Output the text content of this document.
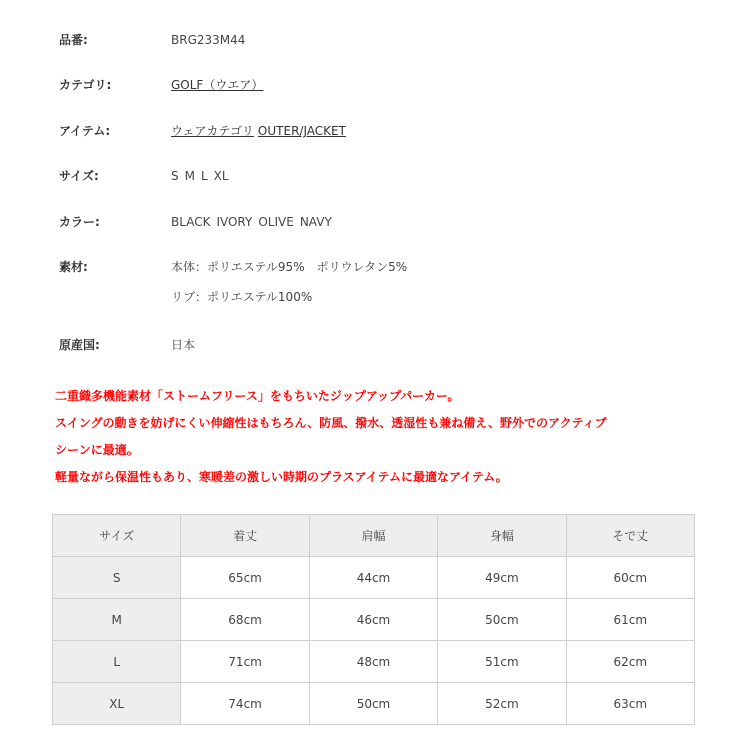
品番:	BRG233M44
カテゴリ:	GOLF（ウエア）
アイテム:	ウェアカテゴリ OUTER/JACKET
サイズ:	S M L XL
カラー:	BLACK IVORY OLIVE NAVY
素材:	本体：ポリエステル95%　ポリウレタン5%
リブ：ポリエステル100%
原産国:	日本

二重織多機能素材「ストームフリース」をもちいたジップアップパーカー。

スイングの動きを妨げにくい伸縮性はもちろん、防風、撥水、透湿性も兼ね備え、野外でのアクティブ

シーンに最適。

軽量ながら保温性もあり、寒暖差の激しい時期のプラスアイテムに最適なアイテム。

サイズ	着丈	肩幅	身幅	そで丈
S	65cm	44cm	49cm	60cm
M	68cm	46cm	50cm	61cm
L	71cm	48cm	51cm	62cm
XL	74cm	50cm	52cm	63cm
